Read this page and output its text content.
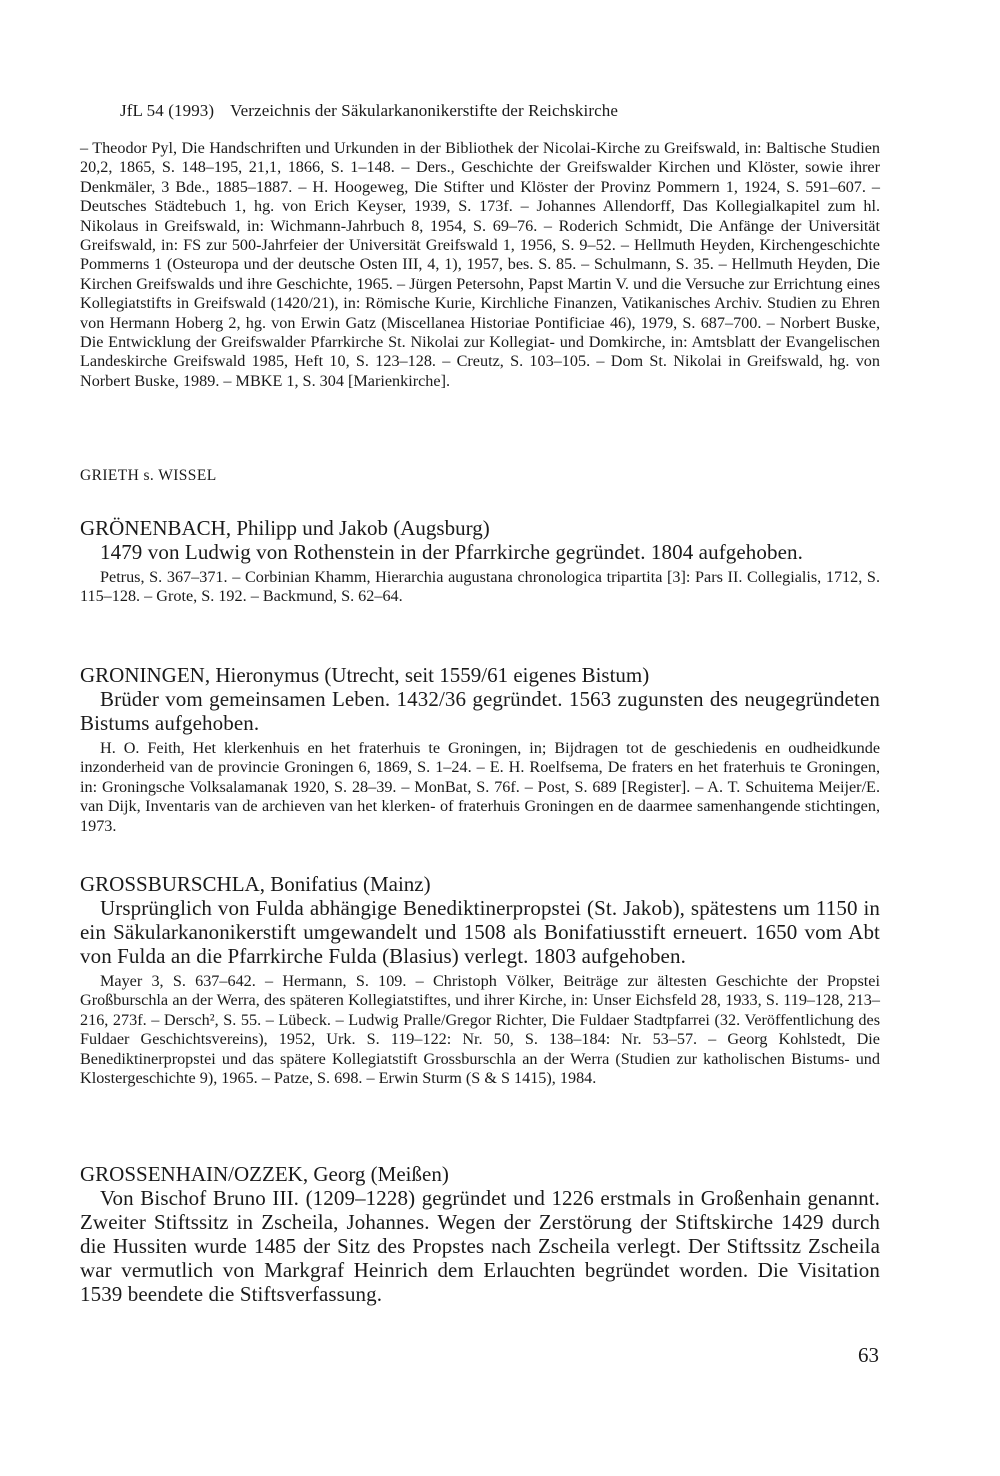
JfL 54 (1993) Verzeichnis der Säkularkanonikerstifte der Reichskirche
– Theodor Pyl, Die Handschriften und Urkunden in der Bibliothek der Nicolai-Kirche zu Greifswald, in: Baltische Studien 20,2, 1865, S. 148–195, 21,1, 1866, S. 1–148. – Ders., Geschichte der Greifswalder Kirchen und Klöster, sowie ihrer Denkmäler, 3 Bde., 1885–1887. – H. Hoogeweg, Die Stifter und Klöster der Provinz Pommern 1, 1924, S. 591–607. – Deutsches Städtebuch 1, hg. von Erich Keyser, 1939, S. 173f. – Johannes Allendorff, Das Kollegialkapitel zum hl. Nikolaus in Greifswald, in: Wichmann-Jahrbuch 8, 1954, S. 69–76. – Roderich Schmidt, Die Anfänge der Universität Greifswald, in: FS zur 500-Jahrfeier der Universität Greifswald 1, 1956, S. 9–52. – Hellmuth Heyden, Kirchengeschichte Pommerns 1 (Osteuropa und der deutsche Osten III, 4, 1), 1957, bes. S. 85. – Schulmann, S. 35. – Hellmuth Heyden, Die Kirchen Greifswalds und ihre Geschichte, 1965. – Jürgen Petersohn, Papst Martin V. und die Versuche zur Errichtung eines Kollegiatstifts in Greifswald (1420/21), in: Römische Kurie, Kirchliche Finanzen, Vatikanisches Archiv. Studien zu Ehren von Hermann Hoberg 2, hg. von Erwin Gatz (Miscellanea Historiae Pontificiae 46), 1979, S. 687–700. – Norbert Buske, Die Entwicklung der Greifswalder Pfarrkirche St. Nikolai zur Kollegiat- und Domkirche, in: Amtsblatt der Evangelischen Landeskirche Greifswald 1985, Heft 10, S. 123–128. – Creutz, S. 103–105. – Dom St. Nikolai in Greifswald, hg. von Norbert Buske, 1989. – MBKE 1, S. 304 [Marienkirche].
GRIETH s. WISSEL

GRÖNENBACH, Philipp und Jakob (Augsburg)

1479 von Ludwig von Rothenstein in der Pfarrkirche gegründet. 1804 aufgehoben.

Petrus, S. 367–371. – Corbinian Khamm, Hierarchia augustana chronologica tripartita [3]: Pars II. Collegialis, 1712, S. 115–128. – Grote, S. 192. – Backmund, S. 62–64.

GRONINGEN, Hieronymus (Utrecht, seit 1559/61 eigenes Bistum)

Brüder vom gemeinsamen Leben. 1432/36 gegründet. 1563 zugunsten des neugegründeten Bistums aufgehoben.

H. O. Feith, Het klerkenhuis en het fraterhuis te Groningen, in; Bijdragen tot de geschiedenis en oudheidkunde inzonderheid van de provincie Groningen 6, 1869, S. 1–24. – E. H. Roelfsema, De fraters en het fraterhuis te Groningen, in: Groningsche Volksalamanak 1920, S. 28–39. – MonBat, S. 76f. – Post, S. 689 [Register]. – A. T. Schuitema Meijer/E. van Dijk, Inventaris van de archieven van het klerken- of fraterhuis Groningen en de daarmee samenhangende stichtingen, 1973.

GROSSBURSCHLA, Bonifatius (Mainz)

Ursprünglich von Fulda abhängige Benediktinerpropstei (St. Jakob), spätestens um 1150 in ein Säkularkanonikerstift umgewandelt und 1508 als Bonifatiusstift erneuert. 1650 vom Abt von Fulda an die Pfarrkirche Fulda (Blasius) verlegt. 1803 aufgehoben.

Mayer 3, S. 637–642. – Hermann, S. 109. – Christoph Völker, Beiträge zur ältesten Geschichte der Propstei Großburschla an der Werra, des späteren Kollegiatstiftes, und ihrer Kirche, in: Unser Eichsfeld 28, 1933, S. 119–128, 213–216, 273f. – Dersch², S. 55. – Lübeck. – Ludwig Pralle/Gregor Richter, Die Fuldaer Stadtpfarrei (32. Veröffentlichung des Fuldaer Geschichtsvereins), 1952, Urk. S. 119–122: Nr. 50, S. 138–184: Nr. 53–57. – Georg Kohlstedt, Die Benediktinerpropstei und das spätere Kollegiatstift Grossburschla an der Werra (Studien zur katholischen Bistums- und Klostergeschichte 9), 1965. – Patze, S. 698. – Erwin Sturm (S & S 1415), 1984.

GROSSENHAIN/OZZEK, Georg (Meißen)

Von Bischof Bruno III. (1209–1228) gegründet und 1226 erstmals in Großenhain genannt. Zweiter Stiftssitz in Zscheila, Johannes. Wegen der Zerstörung der Stiftskirche 1429 durch die Hussiten wurde 1485 der Sitz des Propstes nach Zscheila verlegt. Der Stiftssitz Zscheila war vermutlich von Markgraf Heinrich dem Erlauchten begründet worden. Die Visitation 1539 beendete die Stiftsverfassung.

63
